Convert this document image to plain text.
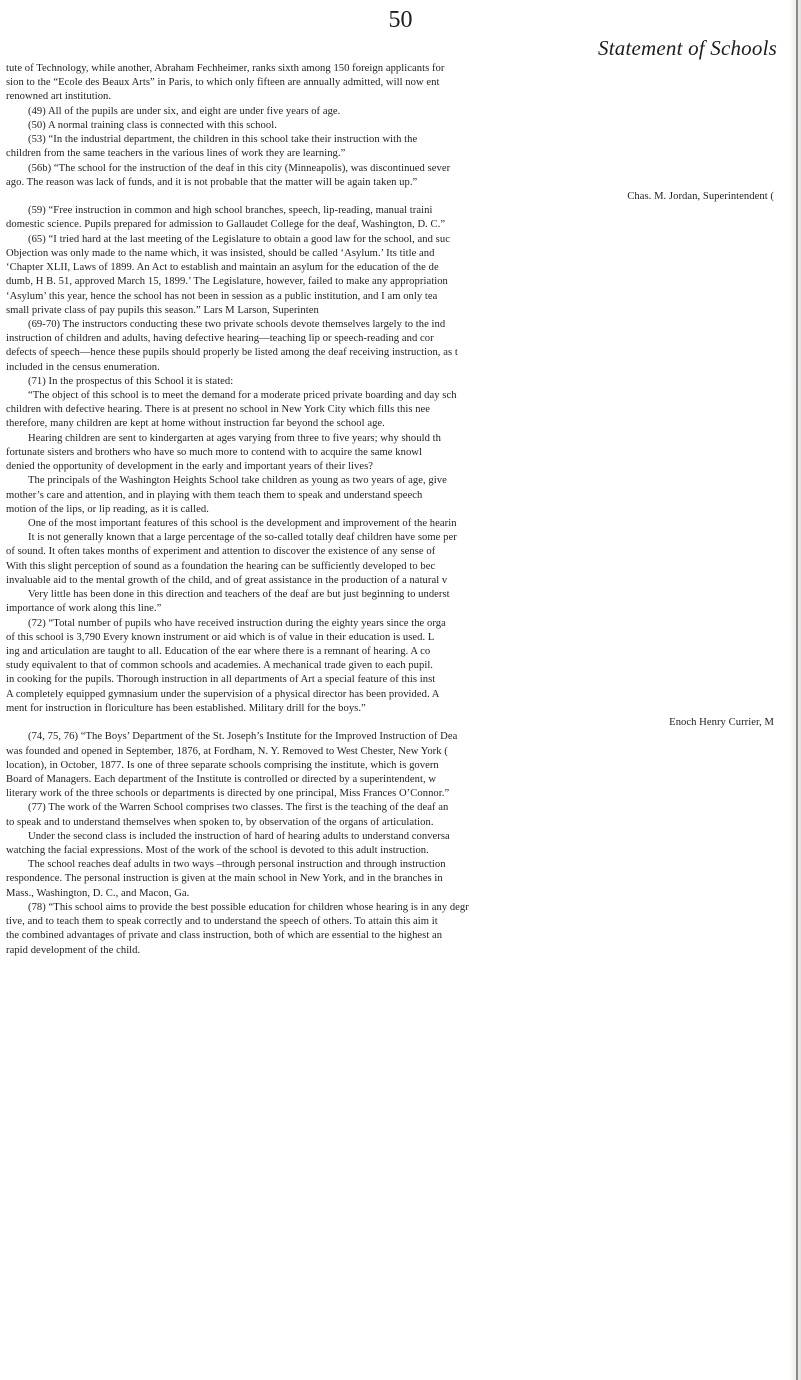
50
Statement of Schools
tute of Technology, while another, Abraham Fechheimer, ranks sixth among 150 foreign applicants for
sion to the “Ecole des Beaux Arts” in Paris, to which only fifteen are annually admitted, will now ent
renowned art institution.
(49) All of the pupils are under six, and eight are under five years of age.
(50) A normal training class is connected with this school.
(53) “In the industrial department, the children in this school take their instruction with the
children from the same teachers in the various lines of work they are learning.”
(56b) “The school for the instruction of the deaf in this city (Minneapolis), was discontinued sever
ago. The reason was lack of funds, and it is not probable that the matter will be again taken up.”
Chas. M. Jordan, Superintendent (
(59) “Free instruction in common and high school branches, speech, lip-reading, manual traini
domestic science. Pupils prepared for admission to Gallaudet College for the deaf, Washington, D. C.”
(65) “I tried hard at the last meeting of the Legislature to obtain a good law for the school, and suc
Objection was only made to the name which, it was insisted, should be called ‘Asylum.’ Its title and
‘Chapter XLII, Laws of 1899. An Act to establish and maintain an asylum for the education of the de
dumb, H B. 51, approved March 15, 1899.’ The Legislature, however, failed to make any appropriation
‘Asylum’ this year, hence the school has not been in session as a public institution, and I am only tea
small private class of pay pupils this season.” Lars M Larson, Superinten
(69-70) The instructors conducting these two private schools devote themselves largely to the ind
instruction of children and adults, having defective hearing—teaching lip or speech-reading and cor
defects of speech—hence these pupils should properly be listed among the deaf receiving instruction, as t
included in the census enumeration.
(71) In the prospectus of this School it is stated:
“The object of this school is to meet the demand for a moderate priced private boarding and day sch
children with defective hearing. There is at present no school in New York City which fills this nee
therefore, many children are kept at home without instruction far beyond the school age.
Hearing children are sent to kindergarten at ages varying from three to five years; why should th
fortunate sisters and brothers who have so much more to contend with to acquire the same knowl
denied the opportunity of development in the early and important years of their lives?
The principals of the Washington Heights School take children as young as two years of age, give
mother’s care and attention, and in playing with them teach them to speak and understand speech
motion of the lips, or lip reading, as it is called.
One of the most important features of this school is the development and improvement of the hearin
It is not generally known that a large percentage of the so-called totally deaf children have some per
of sound. It often takes months of experiment and attention to discover the existence of any sense of
With this slight perception of sound as a foundation the hearing can be sufficiently developed to bec
invaluable aid to the mental growth of the child, and of great assistance in the production of a natural v
Very little has been done in this direction and teachers of the deaf are but just beginning to underst
importance of work along this line.”
(72) “Total number of pupils who have received instruction during the eighty years since the orga
of this school is 3,790 Every known instrument or aid which is of value in their education is used. L
ing and articulation are taught to all. Education of the ear where there is a remnant of hearing. A co
study equivalent to that of common schools and academies. A mechanical trade given to each pupil.
in cooking for the pupils. Thorough instruction in all departments of Art a special feature of this inst
A completely equipped gymnasium under the supervision of a physical director has been provided. A
ment for instruction in floriculture has been established. Military drill for the boys.”
Enoch Henry Currier, M
(74, 75, 76) “The Boys’ Department of the St. Joseph’s Institute for the Improved Instruction of Dea
was founded and opened in September, 1876, at Fordham, N. Y. Removed to West Chester, New York (
location), in October, 1877. Is one of three separate schools comprising the institute, which is govern
Board of Managers. Each department of the Institute is controlled or directed by a superintendent, w
literary work of the three schools or departments is directed by one principal, Miss Frances O’Connor.”
(77) The work of the Warren School comprises two classes. The first is the teaching of the deaf an
to speak and to understand themselves when spoken to, by observation of the organs of articulation.
Under the second class is included the instruction of hard of hearing adults to understand conversa
watching the facial expressions. Most of the work of the school is devoted to this adult instruction.
The school reaches deaf adults in two ways –through personal instruction and through instruction
respondence. The personal instruction is given at the main school in New York, and in the branches in
Mass., Washington, D. C., and Macon, Ga.
(78) “This school aims to provide the best possible education for children whose hearing is in any degr
tive, and to teach them to speak correctly and to understand the speech of others. To attain this aim it
the combined advantages of private and class instruction, both of which are essential to the highest an
rapid development of the child.
